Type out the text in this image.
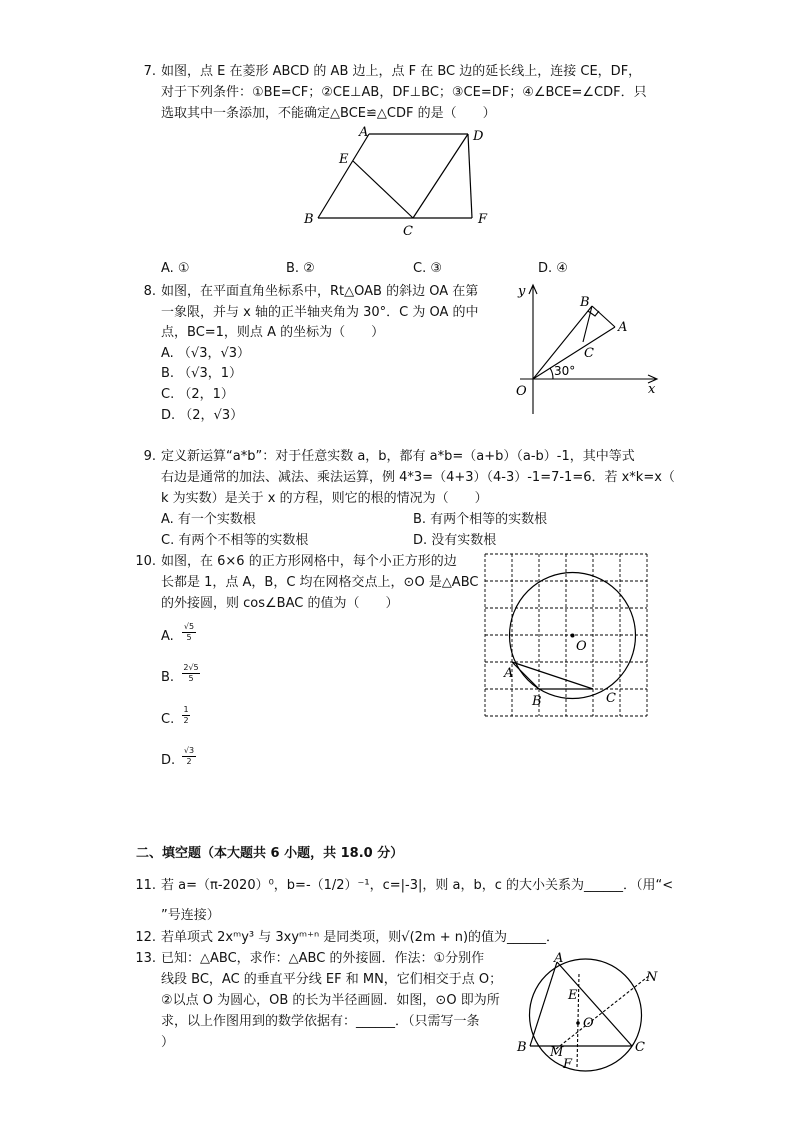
7. 如图，点 E 在菱形 ABCD 的 AB 边上，点 F 在 BC 边的延长线上，连接 CE，DF，
对于下列条件：①BE=CF；②CE⊥AB，DF⊥BC；③CE=DF；④∠BCE=∠CDF．只
选取其中一条添加，不能确定△BCE≌△CDF 的是（　　）
A	D
E
B
C
F
A. ①	B. ②	C. ③	D. ④
8. 如图，在平面直角坐标系中，Rt△OAB 的斜边 OA 在第
一象限，并与 x 轴的正半轴夹角为 30°．C 为 OA 的中
点，BC=1，则点 A 的坐标为（　　）
A. （√3，√3）
B. （√3，1）
C. （2，1）
D. （2，√3）
y
x
O
B
A
C
30°
9. 定义新运算“a*b”：对于任意实数 a，b，都有 a*b=（a+b）（a-b）-1，其中等式
右边是通常的加法、减法、乘法运算，例 4*3=（4+3）（4-3）-1=7-1=6．若 x*k=x（
k 为实数）是关于 x 的方程，则它的根的情况为（　　）
A. 有一个实数根	B. 有两个相等的实数根
C. 有两个不相等的实数根	D. 没有实数根
10. 如图，在 6×6 的正方形网格中，每个小正方形的边
长都是 1，点 A，B，C 均在网格交点上，⊙O 是△ABC
的外接圆，则 cos∠BAC 的值为（　　）
A. $\frac{√5}{5}$
B. $\frac{2√5}{5}$
C. $\frac{1}{2}$
D. $\frac{√3}{2}$
O
A
B	C
二、填空题（本大题共 6 小题，共 18.0 分）
11. 若 a=（π-2020）⁰，b=-（1/2）⁻¹，c=|-3|，则 a，b，c 的大小关系为______．（用“<
”号连接）
12. 若单项式 2xᵐy³ 与 3xyᵐ⁺ⁿ 是同类项，则√(2m + n)的值为______．
13. 已知：△ABC，求作：△ABC 的外接圆．作法：①分别作
线段 BC，AC 的垂直平分线 EF 和 MN，它们相交于点 O；
②以点 O 为圆心，OB 的长为半径画圆．如图，⊙O 即为所
求，以上作图用到的数学依据有：______．（只需写一条
）
A
N
E
O
B	C
M
F
